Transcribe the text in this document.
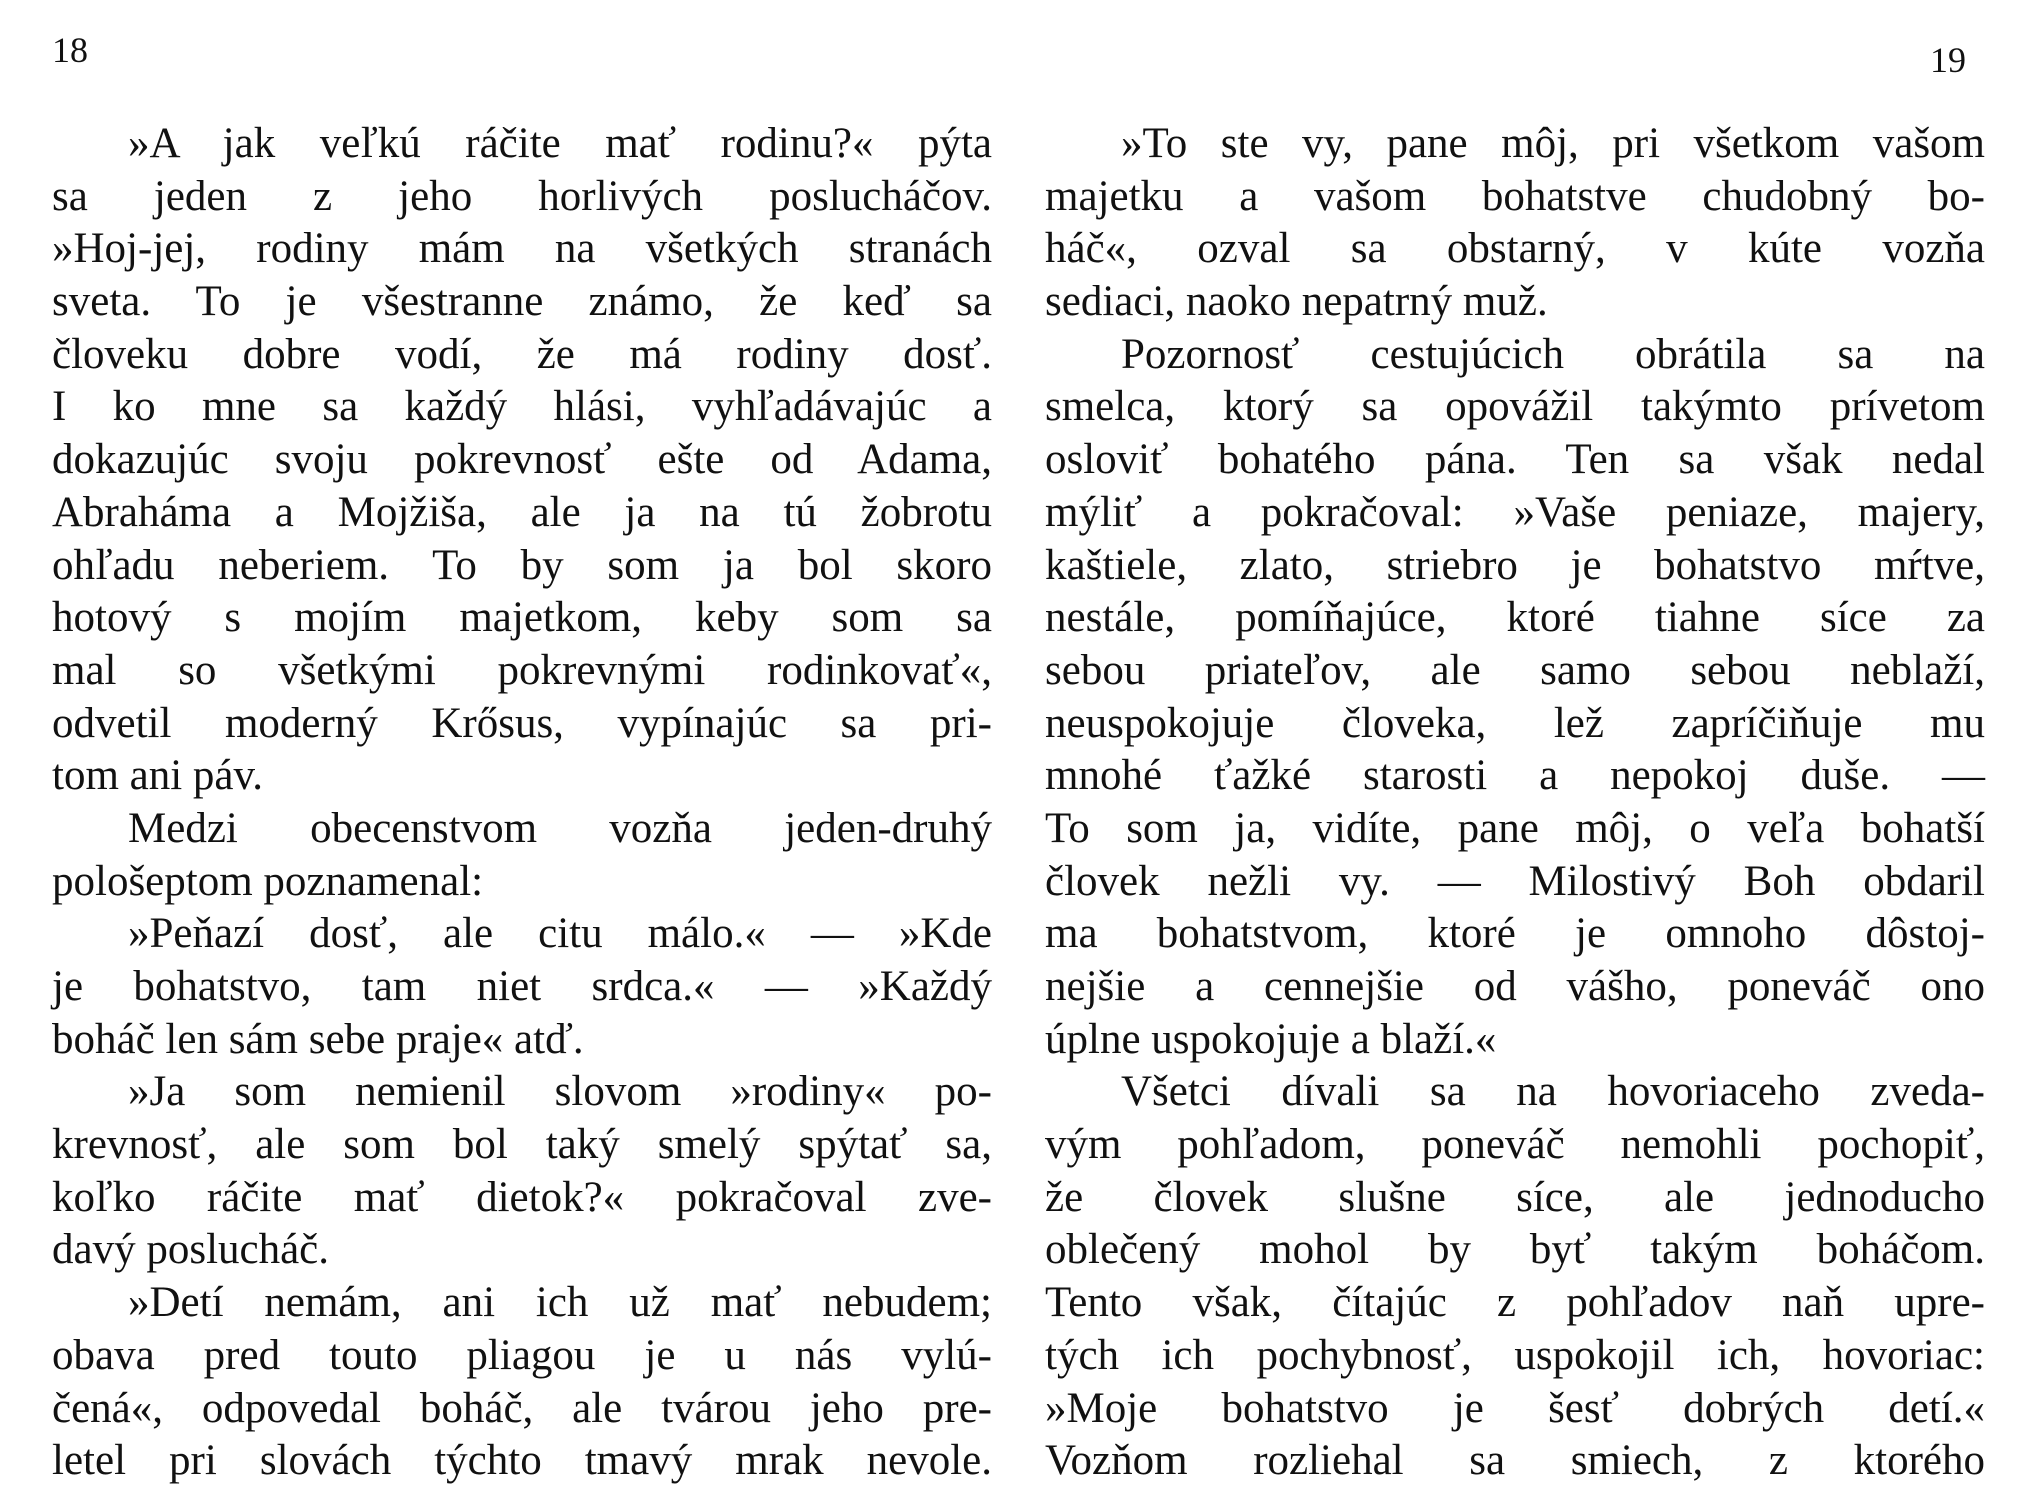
18	19
»A jak veľkú ráčite mať rodinu?« pýta
sa jeden z jeho horlivých poslucháčov.
»Hoj-jej, rodiny mám na všetkých stranách
sveta. To je všestranne známo, že keď sa
človeku dobre vodí, že má rodiny dosť.
I ko mne sa každý hlási, vyhľadávajúc a
dokazujúc svoju pokrevnosť ešte od Adama,
Abraháma a Mojžiša, ale ja na tú žobrotu
ohľadu neberiem. To by som ja bol skoro
hotový s mojím majetkom, keby som sa
mal so všetkými pokrevnými rodinkovať«,
odvetil moderný Krősus, vypínajúc sa pri-
tom ani páv.
Medzi obecenstvom vozňa jeden-druhý
pološeptom poznamenal:
»Peňazí dosť, ale citu málo.« — »Kde
je bohatstvo, tam niet srdca.« — »Každý
boháč len sám sebe praje« atď.
»Ja som nemienil slovom »rodiny« po-
krevnosť, ale som bol taký smelý spýtať sa,
koľko ráčite mať dietok?« pokračoval zve-
davý poslucháč.
»Detí nemám, ani ich už mať nebudem;
obava pred touto pliagou je u nás vylú-
čená«, odpovedal boháč, ale tvárou jeho pre-
letel pri slovách týchto tmavý mrak nevole.
»To ste vy, pane môj, pri všetkom vašom
majetku a vašom bohatstve chudobný bo-
háč«, ozval sa obstarný, v kúte vozňa
sediaci, naoko nepatrný muž.
Pozornosť cestujúcich obrátila sa na
smelca, ktorý sa opovážil takýmto prívetom
osloviť bohatého pána. Ten sa však nedal
mýliť a pokračoval: »Vaše peniaze, majery,
kaštiele, zlato, striebro je bohatstvo mŕtve,
nestále, pomíňajúce, ktoré tiahne síce za
sebou priateľov, ale samo sebou neblaží,
neuspokojuje človeka, lež zapríčiňuje mu
mnohé ťažké starosti a nepokoj duše. —
To som ja, vidíte, pane môj, o veľa bohatší
človek nežli vy. — Milostivý Boh obdaril
ma bohatstvom, ktoré je omnoho dôstoj-
nejšie a cennejšie od vášho, poneváč ono
úplne uspokojuje a blaží.«
Všetci dívali sa na hovoriaceho zveda-
vým pohľadom, poneváč nemohli pochopiť,
že človek slušne síce, ale jednoducho
oblečený mohol by byť takým boháčom.
Tento však, čítajúc z pohľadov naň upre-
tých ich pochybnosť, uspokojil ich, hovoriac:
»Moje bohatstvo je šesť dobrých detí.«
Vozňom rozliehal sa smiech, z ktorého
